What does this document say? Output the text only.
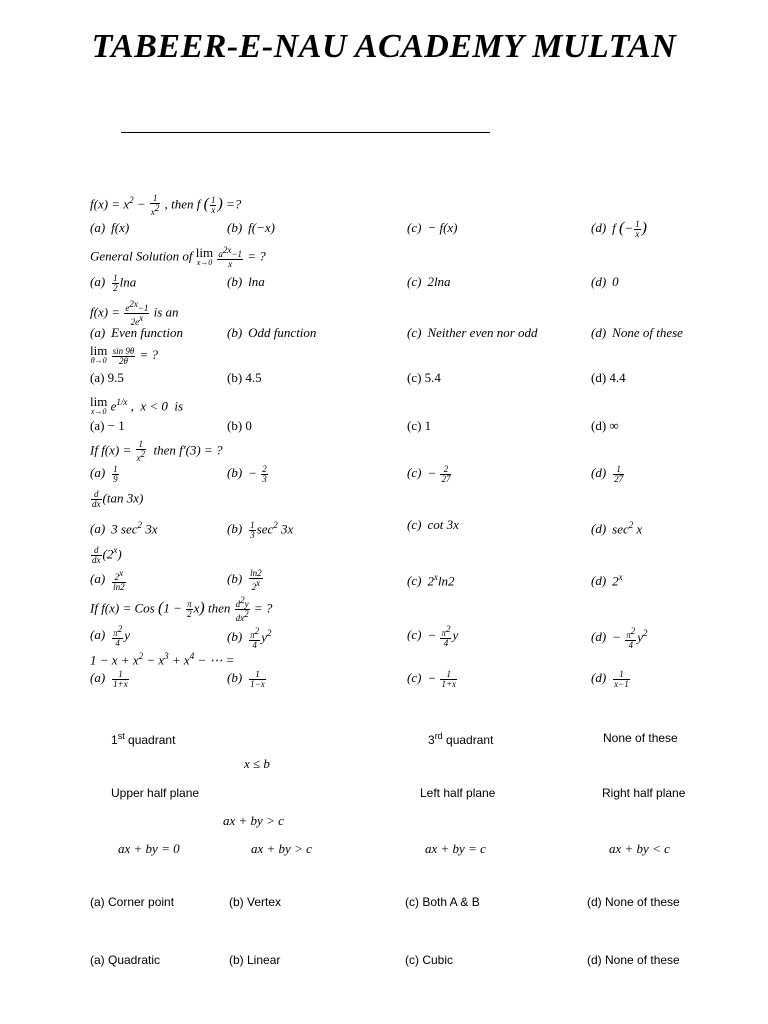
TABEER-E-NAU ACADEMY MULTAN
$f(x) = x^2 - \frac{1}{x2}$ , then f ( $\frac{1}{x}$ ) =?
(a) f(x)	(b) f(−x)	(c) − f(x)	(d) f (− $\frac{1}{x}$ )
General Solution of lim
x→0
$\frac{a2x-1}{x}$ = ?
$(a) \frac{1}{2}$ lna	(b) lna	(c) 2lna	(d) 0
$f(x) = \frac{e2x-1}{2ex}$ is an
(a) Even function	(b) Odd function	(c) Neither even nor odd	(d) None of these
lim
θ→0
$\frac{\sin 9\theta}{2\theta}$ = ?
(a) 9.5	(b) 4.5	(c) 5.4	(d) 4.4
lim
x→0 $e^{1/x}$ ,  x < 0  is
(a) − 1	(b) 0	(c) 1	(d) ∞
If $f(x) = \frac{1}{x2}$ then f′(3) = ?
$(a) \frac{1}{9}$	$(b) - \frac{2}{3}$	$(c) - \frac{2}{27}$	$(d) \frac{1}{27}$
$\frac{d}{dx} (\tan$ 3x)
(a) 3 $\sec^2 3x$	$(b) \frac{1}{3} \sec^2 3x$	(c) cot 3x	(d) $\sec^2 x$
$\frac{d}{dx} (2^x)$
$(a) \frac{2x}{\ln 2}$	$(b) \frac{\ln 2}{2x}$	(c) 2$^x$ln2	(d) 2$^x$
If f(x) = Cos $(1 - \frac{\pi}{2} x)$ then $\frac{d2y}{dx2}$ = ?
$(a) \frac{\pi 2}{4}$ y	$(b) \frac{\pi 2}{4} y^2$	$(c) - \frac{\pi 2}{4}$ y	$(d) - \frac{\pi 2}{4} y^2$
$1 - x + x^2 - x^3 + x^4$ − ⋯ =
$(a) \frac{1}{1+x}$	$(b) \frac{1}{1-x}$	$(c) - \frac{1}{1+x}$	$(d) \frac{1}{x-1}$
1st quadrant	3rd quadrant	None of these
x ≤ b
Upper half plane	Left half plane	Right half plane
ax + by > c
ax + by = 0	ax + by > c	ax + by = c	ax + by < c
(a) Corner point	(b) Vertex	(c) Both A & B	(d) None of these
(a) Quadratic	(b) Linear	(c) Cubic	(d) None of these
